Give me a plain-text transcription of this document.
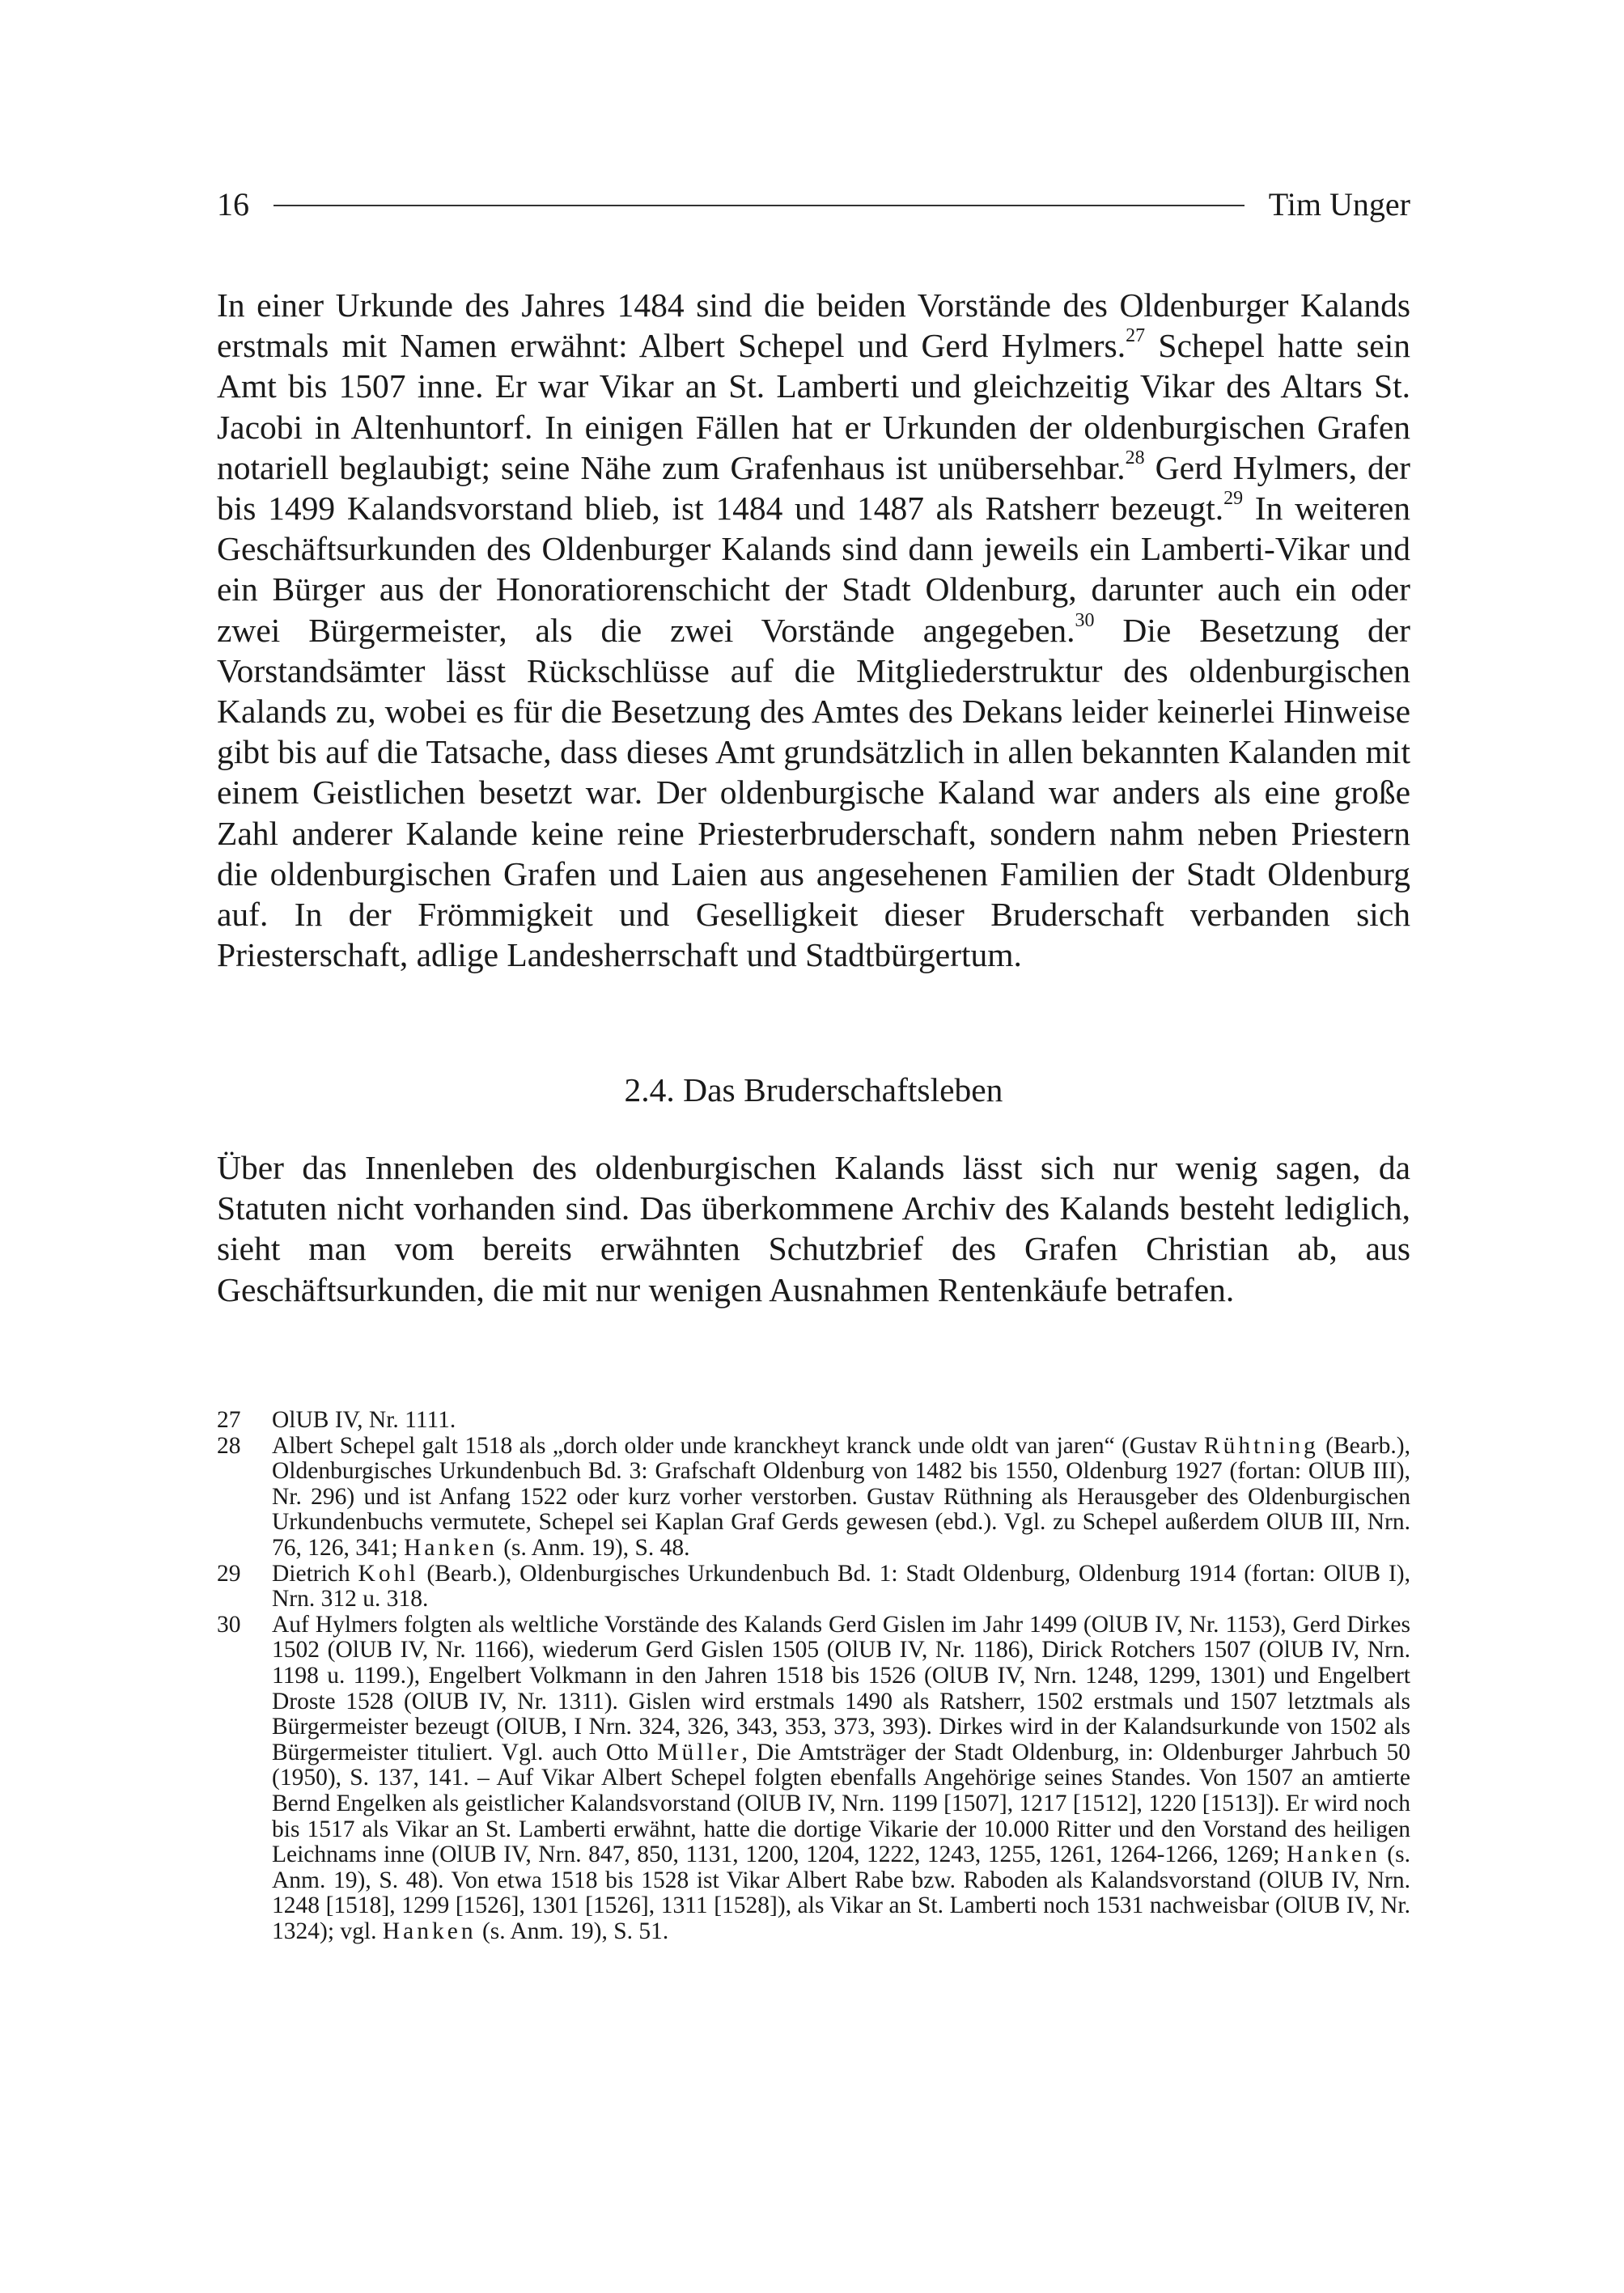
16	Tim Unger

In einer Urkunde des Jahres 1484 sind die beiden Vorstände des Oldenburger Kalands erstmals mit Namen erwähnt: Albert Schepel und Gerd Hylmers.$^{27}$ Schepel hatte sein Amt bis 1507 inne. Er war Vikar an St. Lamberti und gleichzeitig Vikar des Altars St. Jacobi in Altenhuntorf. In einigen Fällen hat er Urkunden der oldenburgischen Grafen notariell beglaubigt; seine Nähe zum Grafenhaus ist unübersehbar.$^{28}$ Gerd Hylmers, der bis 1499 Kalandsvorstand blieb, ist 1484 und 1487 als Ratsherr bezeugt.$^{29}$ In weiteren Geschäftsurkunden des Oldenburger Kalands sind dann jeweils ein Lamberti-Vikar und ein Bürger aus der Honoratiorenschicht der Stadt Oldenburg, darunter auch ein oder zwei Bürgermeister, als die zwei Vorstände angegeben.$^{30}$ Die Besetzung der Vorstandsämter lässt Rückschlüsse auf die Mitgliederstruktur des oldenburgischen Kalands zu, wobei es für die Besetzung des Amtes des Dekans leider keinerlei Hinweise gibt bis auf die Tatsache, dass dieses Amt grundsätzlich in allen bekannten Kalanden mit einem Geistlichen besetzt war. Der oldenburgische Kaland war anders als eine große Zahl anderer Kalande keine reine Priesterbruderschaft, sondern nahm neben Priestern die oldenburgischen Grafen und Laien aus angesehenen Familien der Stadt Oldenburg auf. In der Frömmigkeit und Geselligkeit dieser Bruderschaft verbanden sich Priesterschaft, adlige Landesherrschaft und Stadtbürgertum.

2.4. Das Bruderschaftsleben

Über das Innenleben des oldenburgischen Kalands lässt sich nur wenig sagen, da Statuten nicht vorhanden sind. Das überkommene Archiv des Kalands besteht lediglich, sieht man vom bereits erwähnten Schutzbrief des Grafen Christian ab, aus Geschäftsurkunden, die mit nur wenigen Ausnahmen Rentenkäufe betrafen.

27	OlUB IV, Nr. 1111.
28	Albert Schepel galt 1518 als „dorch older unde kranckheyt kranck unde oldt van jaren“ (Gustav Rühtning (Bearb.), Oldenburgisches Urkundenbuch Bd. 3: Grafschaft Oldenburg von 1482 bis 1550, Oldenburg 1927 (fortan: OlUB III), Nr. 296) und ist Anfang 1522 oder kurz vorher verstorben. Gustav Rüthning als Herausgeber des Oldenburgischen Urkundenbuchs vermutete, Schepel sei Kaplan Graf Gerds gewesen (ebd.). Vgl. zu Schepel außerdem OlUB III, Nrn. 76, 126, 341; Hanken (s. Anm. 19), S. 48.
29	Dietrich Kohl (Bearb.), Oldenburgisches Urkundenbuch Bd. 1: Stadt Oldenburg, Oldenburg 1914 (fortan: OlUB I), Nrn. 312 u. 318.
30	Auf Hylmers folgten als weltliche Vorstände des Kalands Gerd Gislen im Jahr 1499 (OlUB IV, Nr. 1153), Gerd Dirkes 1502 (OlUB IV, Nr. 1166), wiederum Gerd Gislen 1505 (OlUB IV, Nr. 1186), Dirick Rotchers 1507 (OlUB IV, Nrn. 1198 u. 1199.), Engelbert Volkmann in den Jahren 1518 bis 1526 (OlUB IV, Nrn. 1248, 1299, 1301) und Engelbert Droste 1528 (OlUB IV, Nr. 1311). Gislen wird erstmals 1490 als Ratsherr, 1502 erstmals und 1507 letztmals als Bürgermeister bezeugt (OlUB, I Nrn. 324, 326, 343, 353, 373, 393). Dirkes wird in der Kalandsurkunde von 1502 als Bürgermeister tituliert. Vgl. auch Otto Müller, Die Amtsträger der Stadt Oldenburg, in: Oldenburger Jahrbuch 50 (1950), S. 137, 141. – Auf Vikar Albert Schepel folgten ebenfalls Angehörige seines Standes. Von 1507 an amtierte Bernd Engelken als geistlicher Kalandsvorstand (OlUB IV, Nrn. 1199 [1507], 1217 [1512], 1220 [1513]). Er wird noch bis 1517 als Vikar an St. Lamberti erwähnt, hatte die dortige Vikarie der 10.000 Ritter und den Vorstand des heiligen Leichnams inne (OlUB IV, Nrn. 847, 850, 1131, 1200, 1204, 1222, 1243, 1255, 1261, 1264-1266, 1269; Hanken (s. Anm. 19), S. 48). Von etwa 1518 bis 1528 ist Vikar Albert Rabe bzw. Raboden als Kalandsvorstand (OlUB IV, Nrn. 1248 [1518], 1299 [1526], 1301 [1526], 1311 [1528]), als Vikar an St. Lamberti noch 1531 nachweisbar (OlUB IV, Nr. 1324); vgl. Hanken (s. Anm. 19), S. 51.
